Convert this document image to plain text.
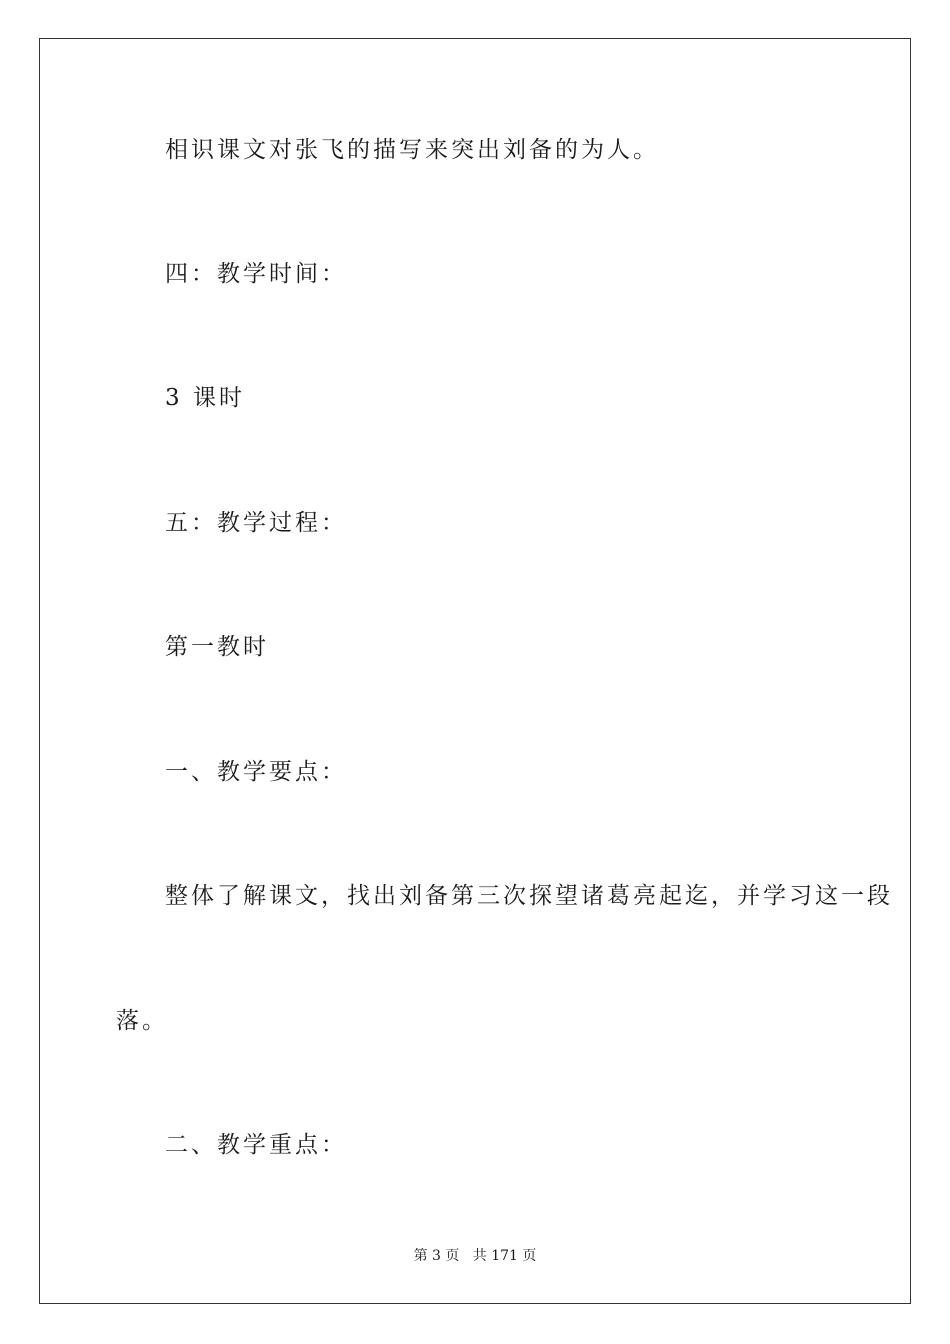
相识课文对张飞的描写来突出刘备的为人。
四：教学时间：
3 课时
五：教学过程：
第一教时
一、教学要点：
整体了解课文，找出刘备第三次探望诸葛亮起迄，并学习这一段
落。
二、教学重点：
第 3 页   共 171 页
